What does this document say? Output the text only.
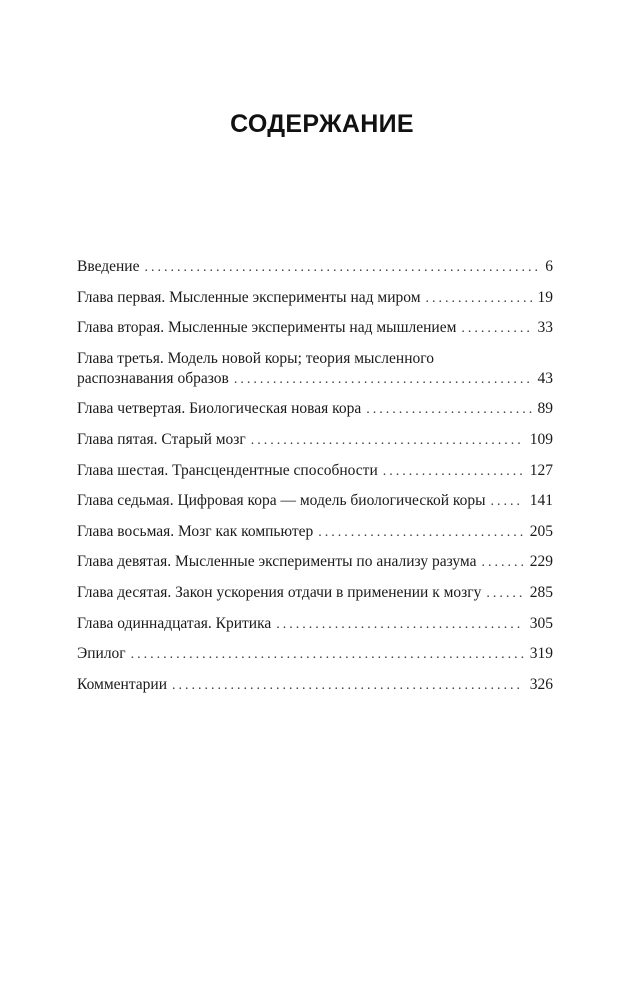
СОДЕРЖАНИЕ
Введение .....	6
Глава первая. Мысленные эксперименты над миром .....	19
Глава вторая. Мысленные эксперименты над мышлением .....	33
Глава третья. Модель новой коры; теория мысленного
распознавания образов .....	43
Глава четвертая. Биологическая новая кора .....	89
Глава пятая. Старый мозг .....	109
Глава шестая. Трансцендентные способности .....	127
Глава седьмая. Цифровая кора — модель биологической коры .....	141
Глава восьмая. Мозг как компьютер .....	205
Глава девятая. Мысленные эксперименты по анализу разума .....	229
Глава десятая. Закон ускорения отдачи в применении к мозгу .....	285
Глава одиннадцатая. Критика .....	305
Эпилог .....	319
Комментарии .....	326
